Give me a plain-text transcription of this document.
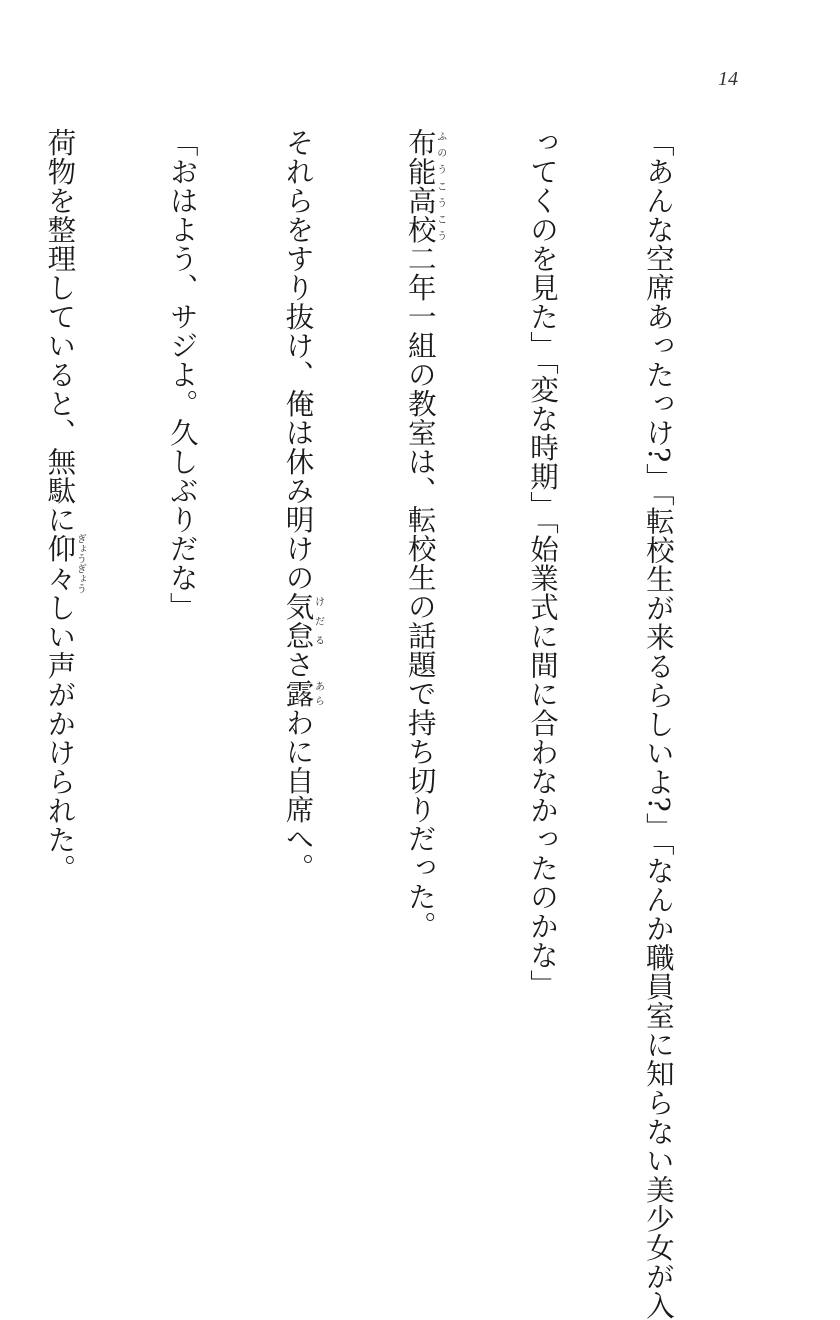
14

「あんな空席あったっけ?」「転校生が来るらしいよ?」「なんか職員室に知らない美少女が入

ってくのを見た」「変な時期」「始業式に間に合わなかったのかな」

布能高校ふのうこうこう二年一組の教室は、転校生の話題で持ち切りだった。

それらをすり抜け、俺は休み明けの気怠けだるさ露あらわに自席へ。

「おはよう、サジよ。久しぶりだな」

荷物を整理していると、無駄に仰々ぎょうぎょうしい声がかけられた。
